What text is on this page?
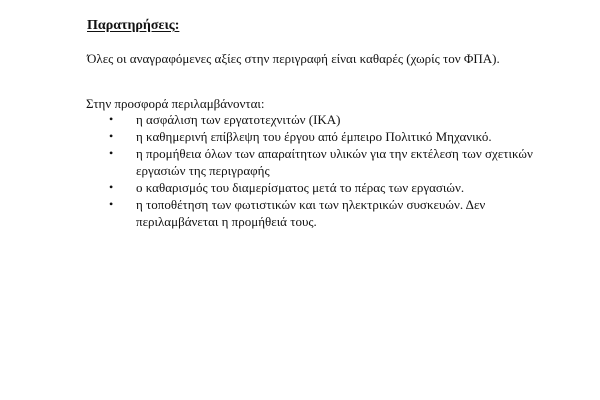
Παρατηρήσεις:
Όλες οι αναγραφόμενες αξίες στην περιγραφή είναι καθαρές (χωρίς τον ΦΠΑ).
Στην προσφορά περιλαμβάνονται:
• η ασφάλιση των εργατοτεχνιτών (ΙΚΑ)
• η καθημερινή επίβλεψη του έργου από έμπειρο Πολιτικό Μηχανικό.
• η προμήθεια όλων των απαραίτητων υλικών για την εκτέλεση των σχετικών εργασιών της περιγραφής
• ο καθαρισμός του διαμερίσματος μετά το πέρας των εργασιών.
• η τοποθέτηση των φωτιστικών και των ηλεκτρικών συσκευών. Δεν περιλαμβάνεται η προμήθειά τους.
